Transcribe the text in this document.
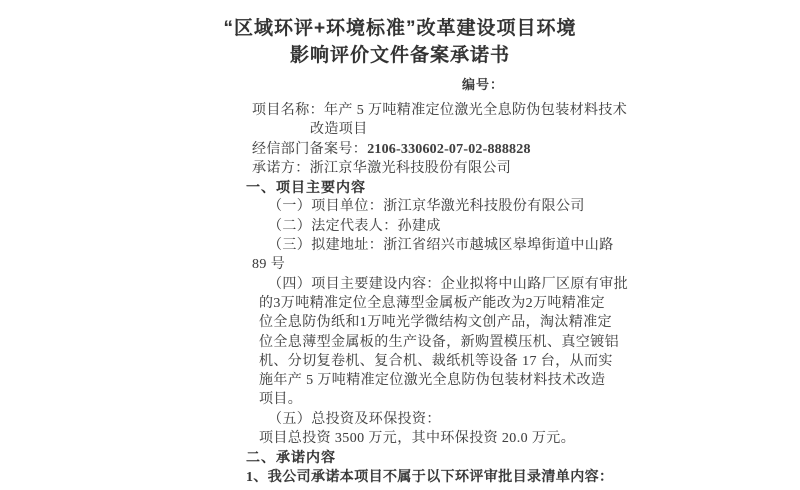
“区域环评+环境标准”改革建设项目环境
影响评价文件备案承诺书
编号：
项目名称：年产 5 万吨精准定位激光全息防伪包装材料技术
改造项目
经信部门备案号：2106-330602-07-02-888828
承诺方：浙江京华激光科技股份有限公司
一、项目主要内容
（一）项目单位：浙江京华激光科技股份有限公司
（二）法定代表人：孙建成
（三）拟建地址：浙江省绍兴市越城区皋埠街道中山路
89 号
（四）项目主要建设内容：企业拟将中山路厂区原有审批
的3万吨精准定位全息薄型金属板产能改为2万吨精准定
位全息防伪纸和1万吨光学微结构文创产品，淘汰精准定
位全息薄型金属板的生产设备，新购置模压机、真空镀铝
机、分切复卷机、复合机、裁纸机等设备 17 台，从而实
施年产 5 万吨精准定位激光全息防伪包装材料技术改造
项目。
（五）总投资及环保投资：
项目总投资 3500 万元，其中环保投资 20.0 万元。
二、承诺内容
1、我公司承诺本项目不属于以下环评审批目录清单内容：
